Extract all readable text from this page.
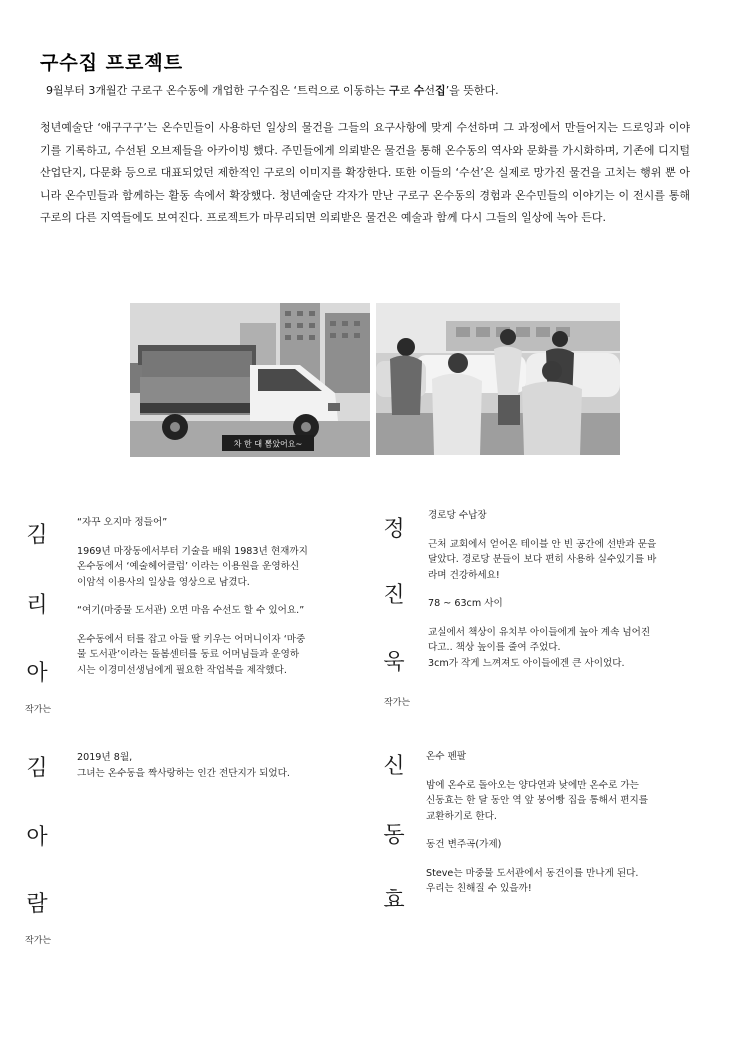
구수집 프로젝트
9월부터 3개월간 구로구 온수동에 개업한 구수집은 ‘트럭으로 이동하는 구로 수선집’을 뜻한다.
청년예술단 ‘애구구구’는 온수민들이 사용하던 일상의 물건을 그들의 요구사항에 맞게 수선하며 그 과정에서 만들어지는 드로잉과 이야기를 기록하고, 수선된 오브제들을 아카이빙 했다. 주민들에게 의뢰받은 물건을 통해 온수동의 역사와 문화를 가시화하며, 기존에 디지털 산업단지, 다문화 등으로 대표되었던 제한적인 구로의 이미지를 확장한다. 또한 이들의 ‘수선’은 실제로 망가진 물건을 고치는 행위 뿐 아니라 온수민들과 함께하는 활동 속에서 확장했다. 청년예술단 각자가 만난 구로구 온수동의 경험과 온수민들의 이야기는 이 전시를 통해 구로의 다른 지역들에도 보여진다. 프로젝트가 마무리되면 의뢰받은 물건은 예술과 함께 다시 그들의 일상에 녹아 든다.
차 한 대 뽑았어요~
김
리
아
작가는

“자꾸 오지마 정들어”

1969년 마장동에서부터 기술을 배워 1983년 현재까지

온수동에서 ‘예술헤어클럽’ 이라는 이용원을 운영하신

이암석 이용사의 일상을 영상으로 남겼다.

“여기(마중물 도서관) 오면 마음 수선도 할 수 있어요.”

온수동에서 터를 잡고 아들 딸 키우는 어머니이자 ‘마중

물 도서관’이라는 돌봄센터를 동료 어머님들과 운영하

시는 이경미선생님에게 필요한 작업복을 제작했다.

정
진
욱
작가는

경로당 수납장

근처 교회에서 얻어온 테이블 안 빈 공간에 선반과 문을

달았다. 경로당 분들이 보다 편히 사용하 실수있기를 바

라며 건강하세요!

78 ~ 63cm 사이

교실에서 책상이 유치부 아이들에게 높아 계속 넘어진

다고.. 책상 높이를 줄여 주었다.

3cm가 작게 느껴져도 아이들에겐 큰 사이었다.

김
아
람
작가는

2019년 8월,

그녀는 온수동을 짝사랑하는 인간 전단지가 되었다.	신
동
효

온수 펜팔

밤에 온수로 돌아오는 양다연과 낮에만 온수로 가는

신동효는 한 달 동안 역 앞 붕어빵 집을 통해서 편지를

교환하기로 한다.

동건 변주곡(가제)

Steve는 마중물 도서관에서 동건이를 만나게 된다.

우리는 친해질 수 있을까!
